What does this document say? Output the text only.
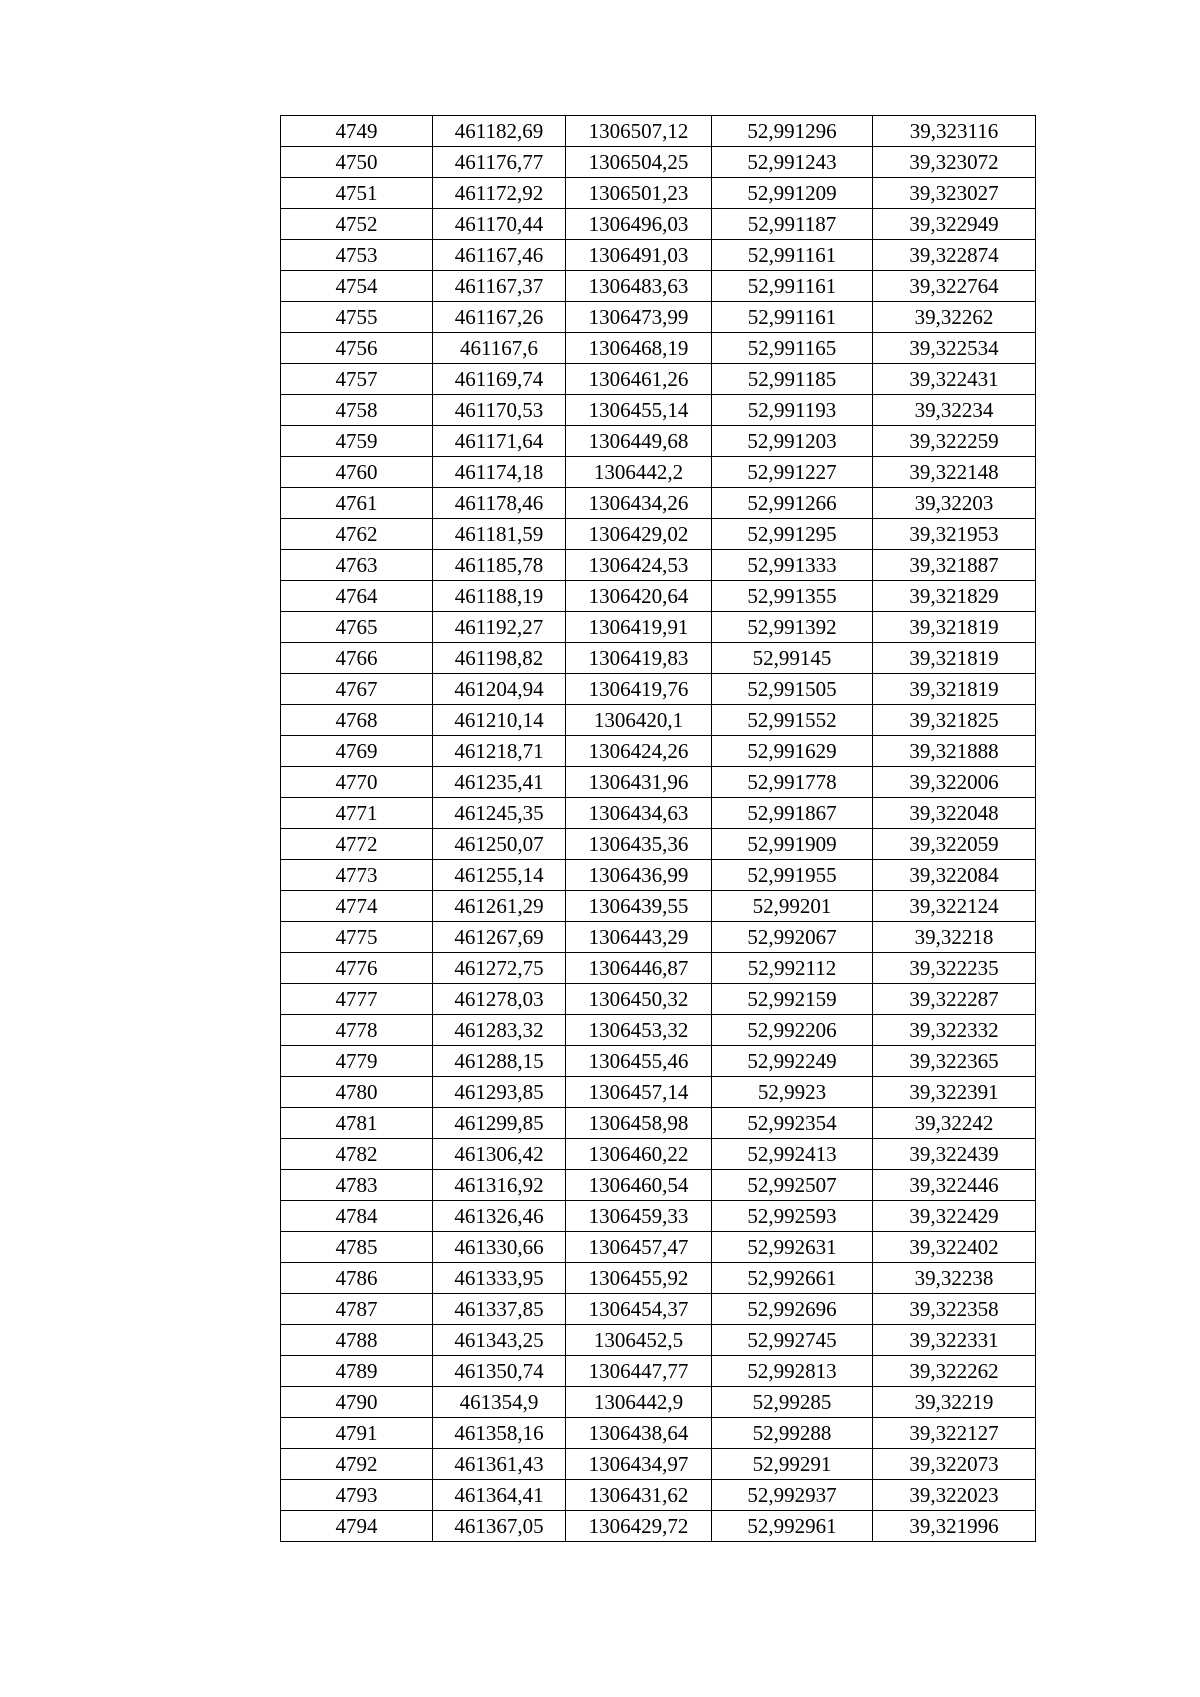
4749	461182,69	1306507,12	52,991296	39,323116
4750	461176,77	1306504,25	52,991243	39,323072
4751	461172,92	1306501,23	52,991209	39,323027
4752	461170,44	1306496,03	52,991187	39,322949
4753	461167,46	1306491,03	52,991161	39,322874
4754	461167,37	1306483,63	52,991161	39,322764
4755	461167,26	1306473,99	52,991161	39,32262
4756	461167,6	1306468,19	52,991165	39,322534
4757	461169,74	1306461,26	52,991185	39,322431
4758	461170,53	1306455,14	52,991193	39,32234
4759	461171,64	1306449,68	52,991203	39,322259
4760	461174,18	1306442,2	52,991227	39,322148
4761	461178,46	1306434,26	52,991266	39,32203
4762	461181,59	1306429,02	52,991295	39,321953
4763	461185,78	1306424,53	52,991333	39,321887
4764	461188,19	1306420,64	52,991355	39,321829
4765	461192,27	1306419,91	52,991392	39,321819
4766	461198,82	1306419,83	52,99145	39,321819
4767	461204,94	1306419,76	52,991505	39,321819
4768	461210,14	1306420,1	52,991552	39,321825
4769	461218,71	1306424,26	52,991629	39,321888
4770	461235,41	1306431,96	52,991778	39,322006
4771	461245,35	1306434,63	52,991867	39,322048
4772	461250,07	1306435,36	52,991909	39,322059
4773	461255,14	1306436,99	52,991955	39,322084
4774	461261,29	1306439,55	52,99201	39,322124
4775	461267,69	1306443,29	52,992067	39,32218
4776	461272,75	1306446,87	52,992112	39,322235
4777	461278,03	1306450,32	52,992159	39,322287
4778	461283,32	1306453,32	52,992206	39,322332
4779	461288,15	1306455,46	52,992249	39,322365
4780	461293,85	1306457,14	52,9923	39,322391
4781	461299,85	1306458,98	52,992354	39,32242
4782	461306,42	1306460,22	52,992413	39,322439
4783	461316,92	1306460,54	52,992507	39,322446
4784	461326,46	1306459,33	52,992593	39,322429
4785	461330,66	1306457,47	52,992631	39,322402
4786	461333,95	1306455,92	52,992661	39,32238
4787	461337,85	1306454,37	52,992696	39,322358
4788	461343,25	1306452,5	52,992745	39,322331
4789	461350,74	1306447,77	52,992813	39,322262
4790	461354,9	1306442,9	52,99285	39,32219
4791	461358,16	1306438,64	52,99288	39,322127
4792	461361,43	1306434,97	52,99291	39,322073
4793	461364,41	1306431,62	52,992937	39,322023
4794	461367,05	1306429,72	52,992961	39,321996
